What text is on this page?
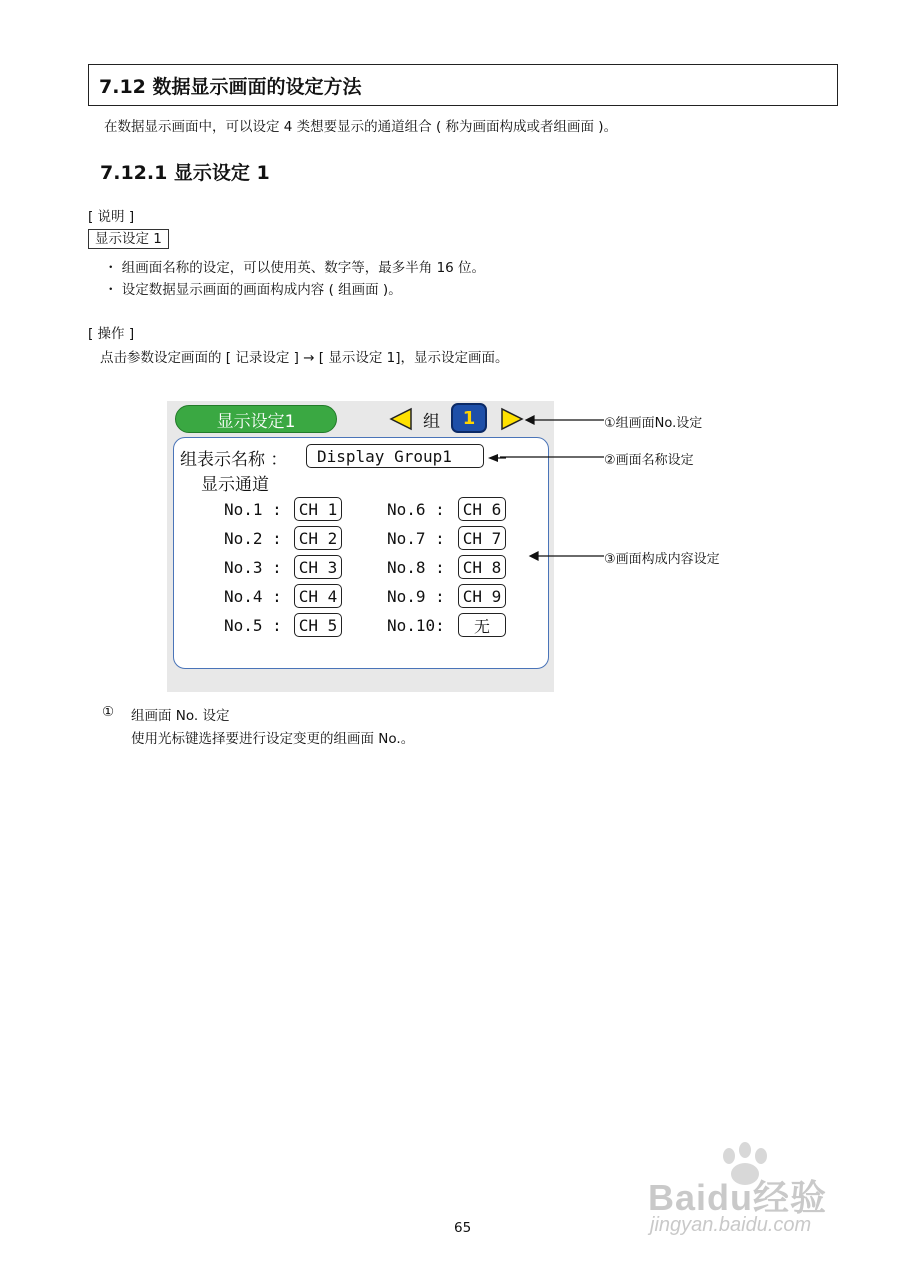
7.12 数据显示画面的设定方法
在数据显示画面中，可以设定 4 类想要显示的通道组合 ( 称为画面构成或者组画面 )。
7.12.1 显示设定 1
[ 说明 ]
显示设定 1
・ 组画面名称的设定，可以使用英、数字等，最多半角 16 位。
・ 设定数据显示画面的画面构成内容 ( 组画面 )。
[ 操作 ]
点击参数设定画面的 [ 记录设定 ] → [ 显示设定 1]，显示设定画面。
显示设定1	组 1
组表示名称 ： Display Group1
显示通道
No.1 : CH 1
No.2 : CH 2
No.3 : CH 3
No.4 : CH 4
No.5 : CH 5
No.6 : CH 6
No.7 : CH 7
No.8 : CH 8
No.9 : CH 9
No.10: 无
①组画面No.设定
②画面名称设定
③画面构成内容设定
① 组画面 No. 设定
使用光标键选择要进行设定变更的组画面 No.。
Baidu经验
jingyan.baidu.com
65
